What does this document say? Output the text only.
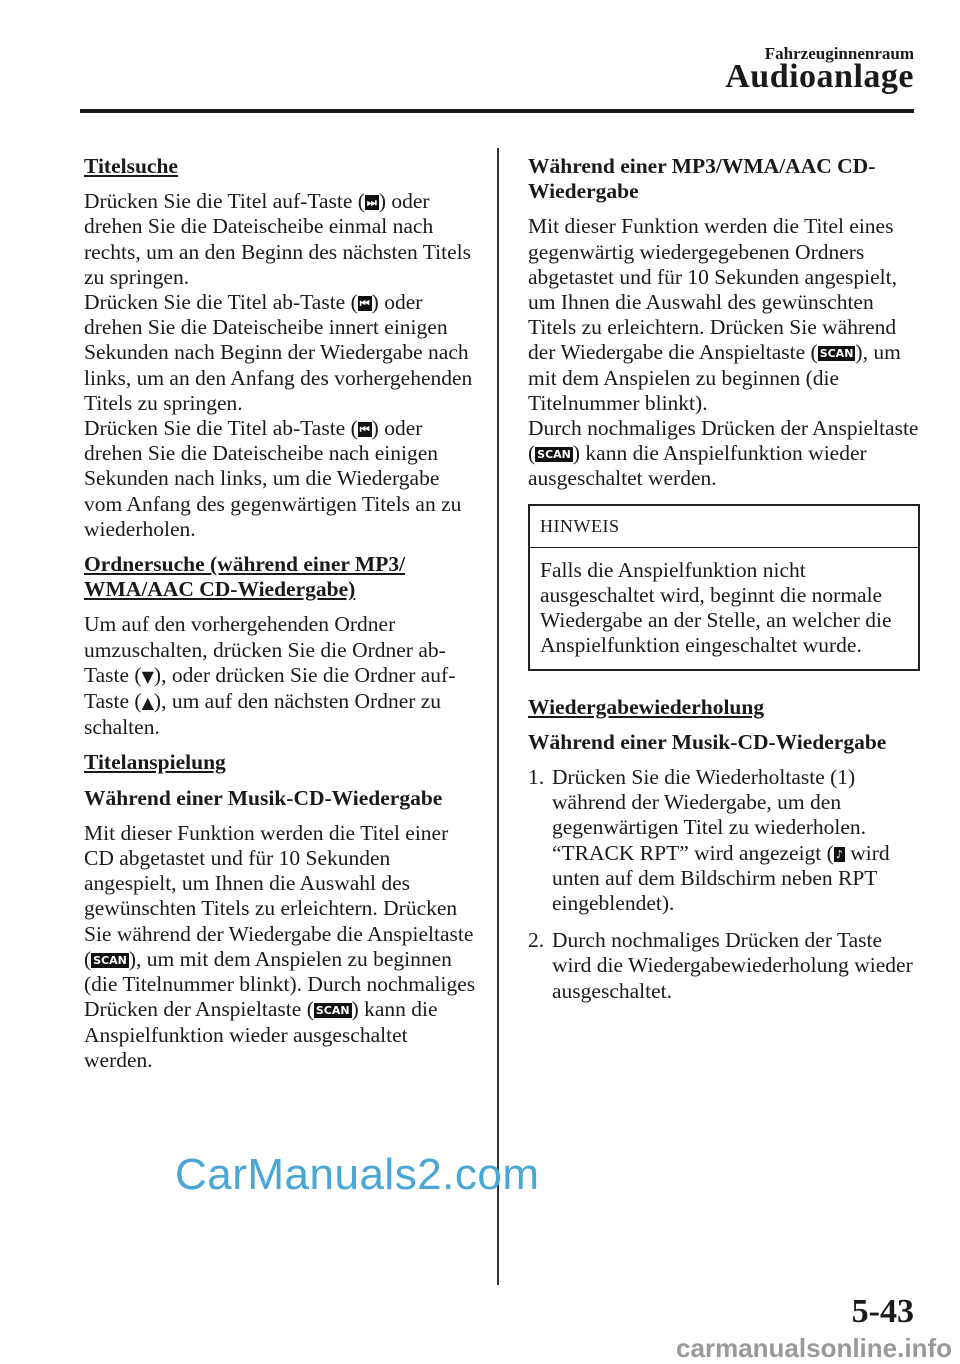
Fahrzeuginnenraum
Audioanlage
Titelsuche

Drücken Sie die Titel auf-Taste ( ⏭) oder drehen Sie die Dateischeibe einmal nach rechts, um an den Beginn des nächsten Titels zu springen.
Drücken Sie die Titel ab-Taste ( ⏮) oder drehen Sie die Dateischeibe innert einigen Sekunden nach Beginn der Wiedergabe nach links, um an den Anfang des vorhergehenden Titels zu springen.
Drücken Sie die Titel ab-Taste ( ⏮) oder drehen Sie die Dateischeibe nach einigen Sekunden nach links, um die Wiedergabe vom Anfang des gegenwärtigen Titels an zu wiederholen.

Ordnersuche (während einer MP3/ WMA/AAC CD-Wiedergabe)

Um auf den vorhergehenden Ordner umzuschalten, drücken Sie die Ordner ab-Taste (▼), oder drücken Sie die Ordner auf-Taste (▲), um auf den nächsten Ordner zu schalten.

Titelanspielung
Während einer Musik-CD-Wiedergabe

Mit dieser Funktion werden die Titel einer CD abgetastet und für 10 Sekunden angespielt, um Ihnen die Auswahl des gewünschten Titels zu erleichtern. Drücken Sie während der Wiedergabe die Anspieltaste ( SCAN), um mit dem Anspielen zu beginnen (die Titelnummer blinkt). Durch nochmaliges Drücken der Anspieltaste ( SCAN) kann die Anspielfunktion wieder ausgeschaltet werden.

Während einer MP3/WMA/AAC CD-Wiedergabe

Mit dieser Funktion werden die Titel eines gegenwärtig wiedergegebenen Ordners abgetastet und für 10 Sekunden angespielt, um Ihnen die Auswahl des gewünschten Titels zu erleichtern. Drücken Sie während der Wiedergabe die Anspieltaste ( SCAN), um mit dem Anspielen zu beginnen (die Titelnummer blinkt).
Durch nochmaliges Drücken der Anspieltaste ( SCAN) kann die Anspielfunktion wieder ausgeschaltet werden.

HINWEIS
Falls die Anspielfunktion nicht ausgeschaltet wird, beginnt die normale Wiedergabe an der Stelle, an welcher die Anspielfunktion eingeschaltet wurde.
Wiedergabewiederholung
Während einer Musik-CD-Wiedergabe
1. Drücken Sie die Wiederholtaste (1) während der Wiedergabe, um den gegenwärtigen Titel zu wiederholen. “TRACK RPT” wird angezeigt ( ♪ wird unten auf dem Bildschirm neben RPT eingeblendet).
2. Durch nochmaliges Drücken der Taste wird die Wiedergabewiederholung wieder ausgeschaltet.
CarManuals2.com
5-43
carmanualsonline.info
